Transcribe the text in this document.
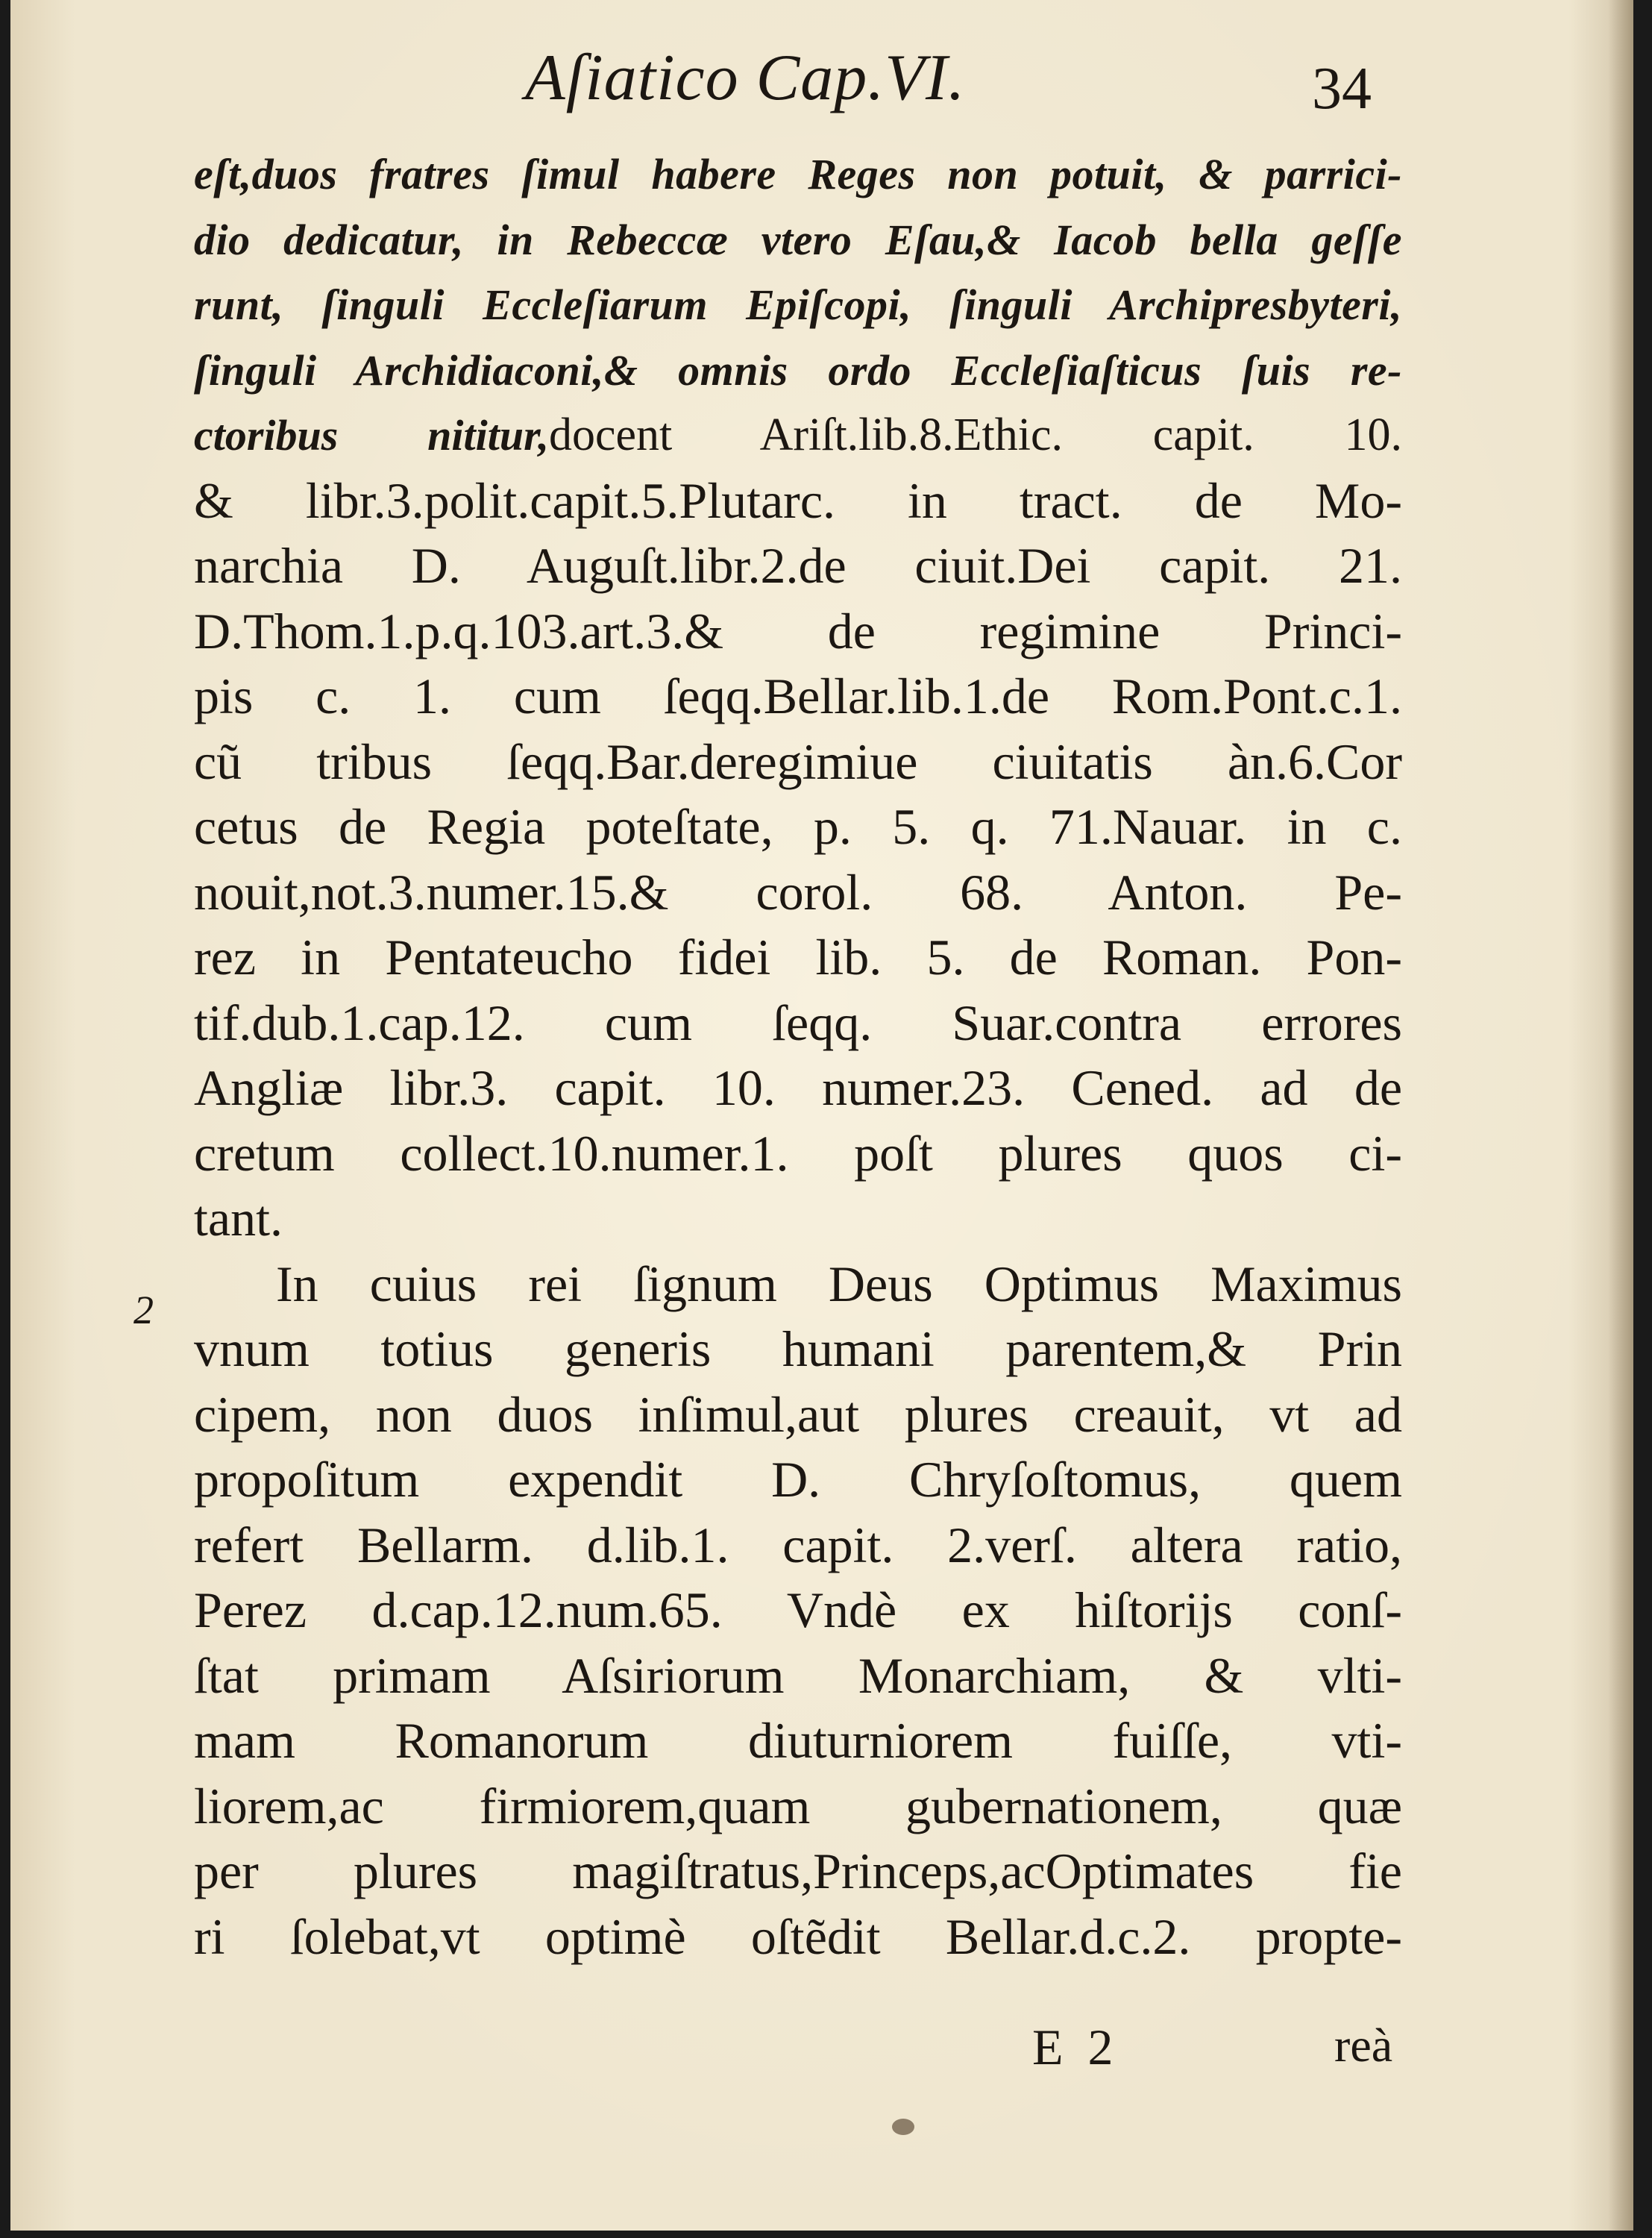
Aſiatico Cap.VI.	34
2
eſt,duos fratres ſimul habere Reges non potuit, & parrici-
dio dedicatur, in Rebeccæ vtero Eſau,& Iacob bella geſſe
runt, ſinguli Eccleſiarum Epiſcopi, ſinguli Archipresbyteri,
ſinguli Archidiaconi,& omnis ordo Eccleſiaſticus ſuis re-
ctoribus nititur,docent Ariſt.lib.8.Ethic. capit. 10.
& libr.3.polit.capit.5.Plutarc. in tract. de Mo-
narchia D. Auguſt.libr.2.de ciuit.Dei capit. 21.
D.Thom.1.p.q.103.art.3.& de regimine Princi-
pis c. 1. cum ſeqq.Bellar.lib.1.de Rom.Pont.c.1.
cũ tribus ſeqq.Bar.deregimiue ciuitatis àn.6.Cor
cetus de Regia poteſtate, p. 5. q. 71.Nauar. in c.
nouit,not.3.numer.15.& corol. 68. Anton. Pe-
rez in Pentateucho fidei lib. 5. de Roman. Pon-
tif.dub.1.cap.12. cum ſeqq. Suar.contra errores
Angliæ libr.3. capit. 10. numer.23. Cened. ad de
cretum collect.10.numer.1. poſt plures quos ci-
tant.
In cuius rei ſignum Deus Optimus Maximus
vnum totius generis humani parentem,& Prin
cipem, non duos inſimul,aut plures creauit, vt ad
propoſitum expendit D. Chryſoſtomus, quem
refert Bellarm. d.lib.1. capit. 2.verſ. altera ratio,
Perez d.cap.12.num.65. Vndè ex hiſtorijs conſ-
ſtat primam Aſsiriorum Monarchiam, & vlti-
mam Romanorum diuturniorem fuiſſe, vti-
liorem,ac firmiorem,quam gubernationem, quæ
per plures magiſtratus,Princeps,acOptimates fie
ri ſolebat,vt optimè oſtẽdit Bellar.d.c.2. propte-
E 2	reà
